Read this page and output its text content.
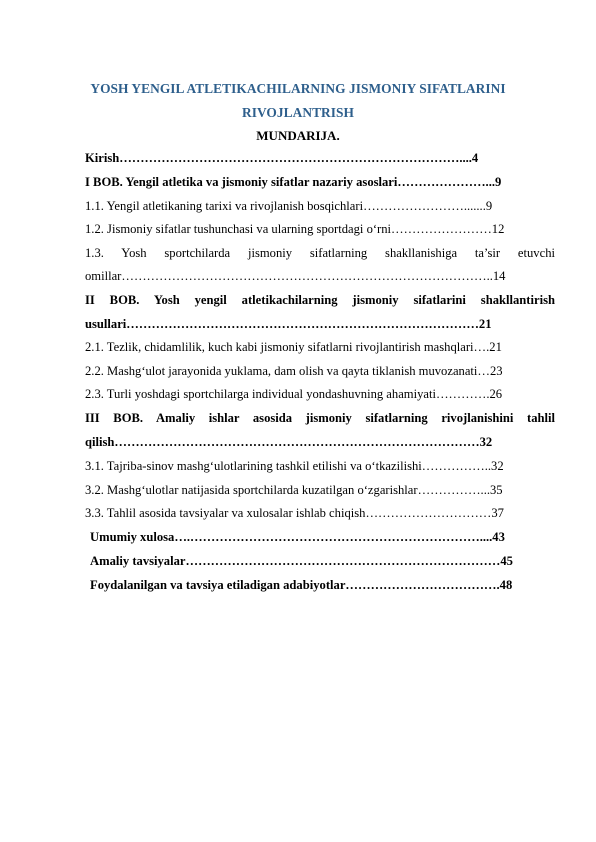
YOSH YENGIL ATLETIKACHILARNING JISMONIY SIFATLARINI
RIVOJLANTRISH
MUNDARIJA.
Kirish………………………………………………………………………....4
I BOB. Yengil atletika va jismoniy sifatlar nazariy asoslari…………………...9
1.1. Yengil atletikaning tarixi va rivojlanish bosqichlari…………………….......9
1.2. Jismoniy sifatlar tushunchasi va ularning sportdagi o‘rni……………………12
1.3. Yosh sportchilarda jismoniy sifatlarning shakllanishiga ta’sir etuvchi
omillar……………………………………………………………………………..14
II BOB. Yosh yengil atletikachilarning jismoniy sifatlarini shakllantirish
usullari…………………………………………………………………………21
2.1. Tezlik, chidamlilik, kuch kabi jismoniy sifatlarni rivojlantirish mashqlari….21
2.2. Mashg‘ulot jarayonida yuklama, dam olish va qayta tiklanish muvozanati…23
2.3. Turli yoshdagi sportchilarga individual yondashuvning ahamiyati………….26
III BOB. Amaliy ishlar asosida jismoniy sifatlarning rivojlanishini tahlil
qilish……………………………………………………………………………32
3.1. Tajriba-sinov mashg‘ulotlarining tashkil etilishi va o‘tkazilishi……………..32
3.2. Mashg‘ulotlar natijasida sportchilarda kuzatilgan o‘zgarishlar……………...35
3.3. Tahlil asosida tavsiyalar va xulosalar ishlab chiqish…………………………37
Umumiy xulosa….……………………………………………………………....43
Amaliy tavsiyalar…………………………………………………………………45
Foydalanilgan va tavsiya etiladigan adabiyotlar……………………………….48
